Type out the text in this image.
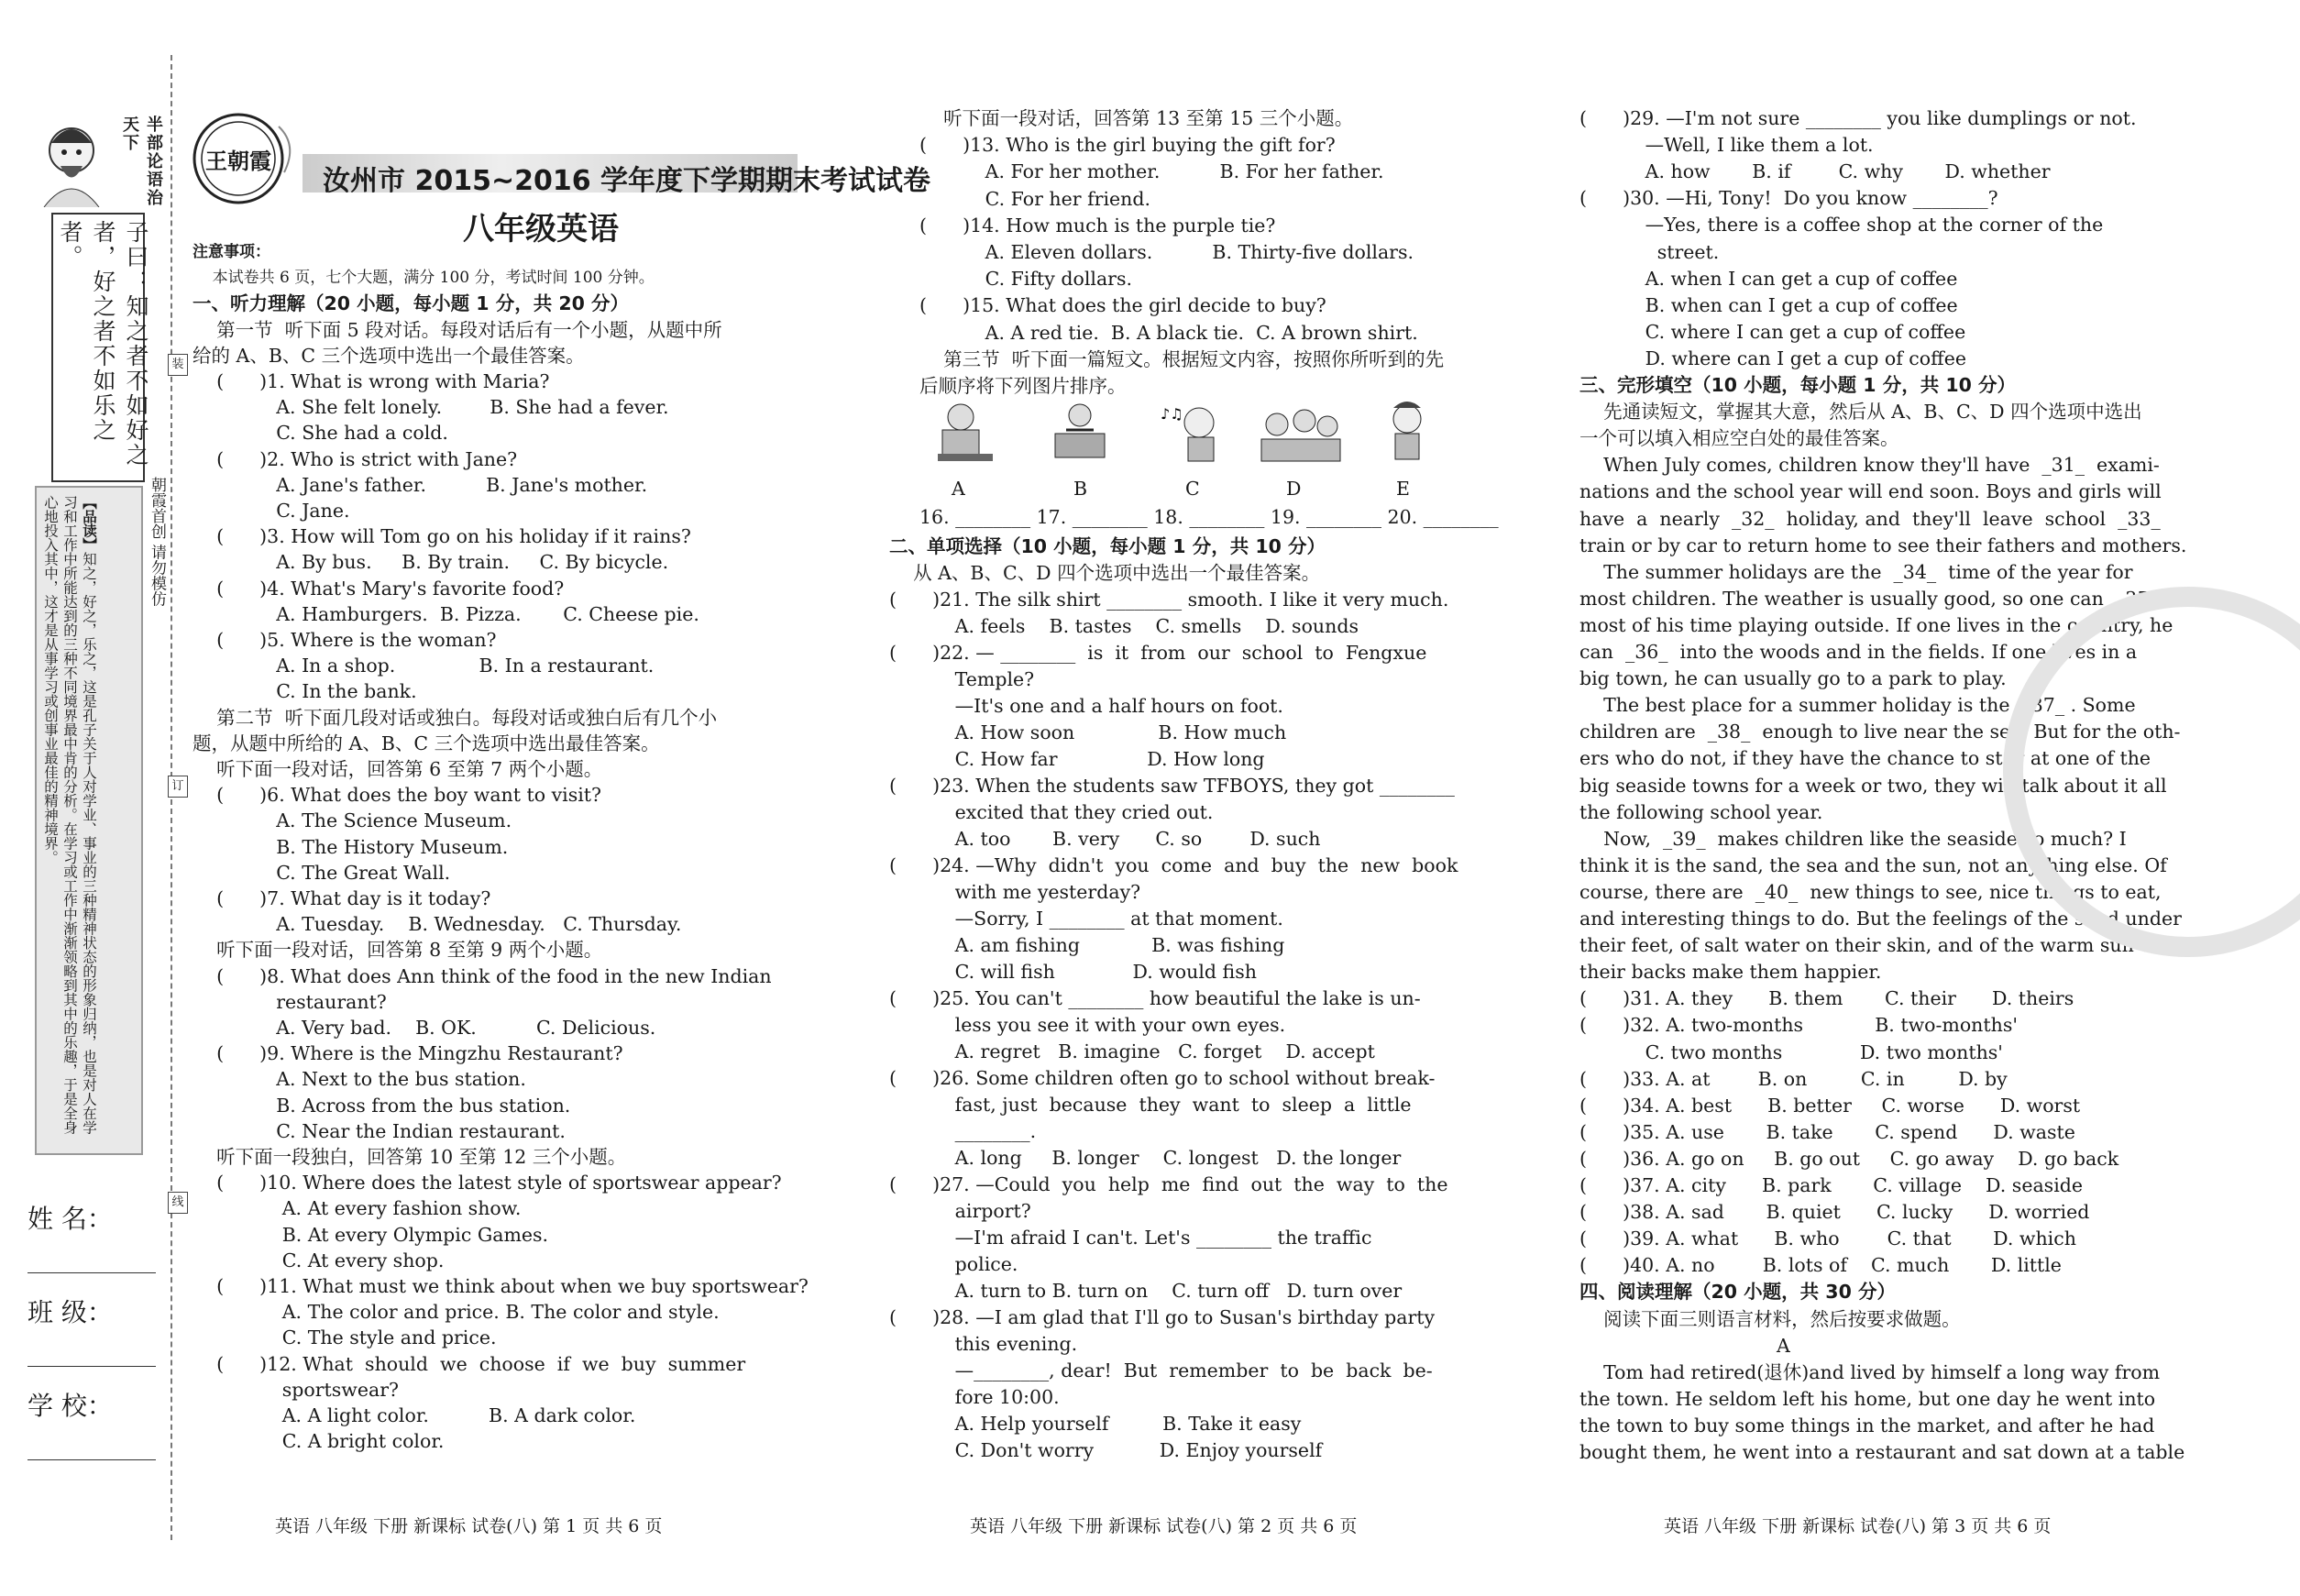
半部论语治天下
子曰：知之者不如好之者，好之者不如乐之者。
【品读】知之，好之，乐之，这是孔子关于人对学业、事业的三种精神状态的形象归纳，也是对人在学习和工作中所能达到的三种不同境界最中肯的分析。在学习或工作中渐渐领略到其中的乐趣，于是全身心地投入其中，这才是从事学习或创事业最佳的精神境界。	朝霞首创 请勿模仿
姓 名：
班 级：
学 校：
装
订
线
王朝霞
汝州市 2015~2016 学年度下学期期末考试试卷
八年级英语
注意事项：
本试卷共 6 页，七个大题，满分 100 分，考试时间 100 分钟。
一、听力理解（20 小题，每小题 1 分，共 20 分）
第一节  听下面 5 段对话。每段对话后有一个小题，从题中所
给的 A、B、C 三个选项中选出一个最佳答案。
(      )1. What is wrong with Maria?
A. She felt lonely.        B. She had a fever.
C. She had a cold.
(      )2. Who is strict with Jane?
A. Jane's father.          B. Jane's mother.
C. Jane.
(      )3. How will Tom go on his holiday if it rains?
A. By bus.     B. By train.     C. By bicycle.
(      )4. What's Mary's favorite food?
A. Hamburgers.  B. Pizza.       C. Cheese pie.
(      )5. Where is the woman?
A. In a shop.              B. In a restaurant.
C. In the bank.
第二节  听下面几段对话或独白。每段对话或独白后有几个小
题，从题中所给的 A、B、C 三个选项中选出最佳答案。
听下面一段对话，回答第 6 至第 7 两个小题。
(      )6. What does the boy want to visit?
A. The Science Museum.
B. The History Museum.
C. The Great Wall.
(      )7. What day is it today?
A. Tuesday.    B. Wednesday.   C. Thursday.
听下面一段对话，回答第 8 至第 9 两个小题。
(      )8. What does Ann think of the food in the new Indian
restaurant?
A. Very bad.    B. OK.          C. Delicious.
(      )9. Where is the Mingzhu Restaurant?
A. Next to the bus station.
B. Across from the bus station.
C. Near the Indian restaurant.
听下面一段独白，回答第 10 至第 12 三个小题。
(      )10. Where does the latest style of sportswear appear?
A. At every fashion show.
B. At every Olympic Games.
C. At every shop.
(      )11. What must we think about when we buy sportswear?
A. The color and price. B. The color and style.
C. The style and price.
(      )12. What  should  we  choose  if  we  buy  summer
sportswear?
A. A light color.          B. A dark color.
C. A bright color.
听下面一段对话，回答第 13 至第 15 三个小题。
(      )13. Who is the girl buying the gift for?
A. For her mother.          B. For her father.
C. For her friend.
(      )14. How much is the purple tie?
A. Eleven dollars.          B. Thirty-five dollars.
C. Fifty dollars.
(      )15. What does the girl decide to buy?
A. A red tie.  B. A black tie.  C. A brown shirt.
第三节  听下面一篇短文。根据短文内容，按照你所听到的先
后顺序将下列图片排序。
♪♫
A	B	C	D	E
16. ________ 17. ________ 18. ________ 19. ________ 20. ________
二、单项选择（10 小题，每小题 1 分，共 10 分）
从 A、B、C、D 四个选项中选出一个最佳答案。
(      )21. The silk shirt ________ smooth. I like it very much.
A. feels    B. tastes    C. smells    D. sounds
(      )22. — ________  is  it  from  our  school  to  Fengxue
Temple?
—It's one and a half hours on foot.
A. How soon              B. How much
C. How far               D. How long
(      )23. When the students saw TFBOYS, they got ________
excited that they cried out.
A. too       B. very      C. so        D. such
(      )24. —Why  didn't  you  come  and  buy  the  new  book
with me yesterday?
—Sorry, I ________ at that moment.
A. am fishing            B. was fishing
C. will fish             D. would fish
(      )25. You can't ________ how beautiful the lake is un-
less you see it with your own eyes.
A. regret   B. imagine   C. forget    D. accept
(      )26. Some children often go to school without break-
fast, just  because  they  want  to  sleep  a  little
________.
A. long     B. longer    C. longest   D. the longer
(      )27. —Could  you  help  me  find  out  the  way  to  the
airport?
—I'm afraid I can't. Let's ________ the traffic
police.
A. turn to B. turn on    C. turn off   D. turn over
(      )28. —I am glad that I'll go to Susan's birthday party
this evening.
—________, dear!  But  remember  to  be  back  be-
fore 10:00.
A. Help yourself         B. Take it easy
C. Don't worry           D. Enjoy yourself
(      )29. —I'm not sure ________ you like dumplings or not.
—Well, I like them a lot.
A. how       B. if        C. why       D. whether
(      )30. —Hi, Tony!  Do you know ________?
—Yes, there is a coffee shop at the corner of the
street.
A. when I can get a cup of coffee
B. when can I get a cup of coffee
C. where I can get a cup of coffee
D. where can I get a cup of coffee
三、完形填空（10 小题，每小题 1 分，共 10 分）
先通读短文，掌握其大意，然后从 A、B、C、D 四个选项中选出
一个可以填入相应空白处的最佳答案。
When July comes, children know they'll have  _31_  exami-
nations and the school year will end soon. Boys and girls will
have  a  nearly  _32_  holiday, and  they'll  leave  school  _33_
train or by car to return home to see their fathers and mothers.
The summer holidays are the  _34_  time of the year for
most children. The weather is usually good, so one can  _35_
most of his time playing outside. If one lives in the country, he
can  _36_  into the woods and in the fields. If one lives in a
big town, he can usually go to a park to play.
The best place for a summer holiday is the  _37_ . Some
children are  _38_  enough to live near the sea. But for the oth-
ers who do not, if they have the chance to stay at one of the
big seaside towns for a week or two, they will talk about it all
the following school year.
Now,  _39_  makes children like the seaside so much? I
think it is the sand, the sea and the sun, not anything else. Of
course, there are  _40_  new things to see, nice things to eat,
and interesting things to do. But the feelings of the sand under
their feet, of salt water on their skin, and of the warm sun on
their backs make them happier.
(      )31. A. they      B. them       C. their      D. theirs
(      )32. A. two-months            B. two-months'
C. two months             D. two months'
(      )33. A. at        B. on         C. in         D. by
(      )34. A. best      B. better     C. worse      D. worst
(      )35. A. use       B. take       C. spend      D. waste
(      )36. A. go on     B. go out     C. go away    D. go back
(      )37. A. city      B. park       C. village    D. seaside
(      )38. A. sad       B. quiet      C. lucky      D. worried
(      )39. A. what      B. who        C. that       D. which
(      )40. A. no        B. lots of    C. much       D. little
四、阅读理解（20 小题，共 30 分）
阅读下面三则语言材料，然后按要求做题。
A
Tom had retired(退休)and lived by himself a long way from
the town. He seldom left his home, but one day he went into
the town to buy some things in the market, and after he had
bought them, he went into a restaurant and sat down at a table
英语 八年级 下册 新课标 试卷(八) 第 1 页 共 6 页	英语 八年级 下册 新课标 试卷(八) 第 2 页 共 6 页	英语 八年级 下册 新课标 试卷(八) 第 3 页 共 6 页
